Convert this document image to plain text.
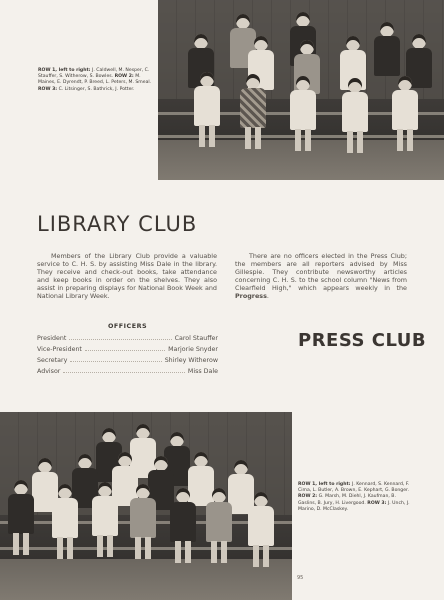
ROW 1, left to right: J. Caldwell, M. Nesper, C. Stauffer, S. Witherow, S. Bowles. ROW 2: M. Maines, E. Dyrendt, P. Breed, L. Peters, M. Smeal. ROW 3: C. Litsinger, S. Bathrick, J. Potter.
LIBRARY CLUB

Members of the Library Club provide a valuable service to C. H. S. by assisting Miss Dale in the library. They receive and check-out books, take attendance and keep books in order on the shelves. They also assist in preparing displays for National Book Week and National Library Week.

OFFICERS
President	Carol Stauffer
Vice-President	Marjorie Snyder
Secretary	Shirley Witherow
Advisor	Miss Dale

There are no officers elected in the Press Club; the members are all reporters advised by Miss Gillespie. They contribute newsworthy articles concerning C. H. S. to the school column "News from Clearfield High," which appears weekly in the Progress.

PRESS CLUB
ROW 1, left to right: J. Kennard, S. Kennard, F. Cima, L. Butler, A. Brown, E. Kephart, G. Bonger. ROW 2: G. Marsh, M. Diehl, J. Kaufman, B. Gaslins, B. Jury, H. Livergood. ROW 3: J. Unch, J. Marino, D. McClaskey.
95
